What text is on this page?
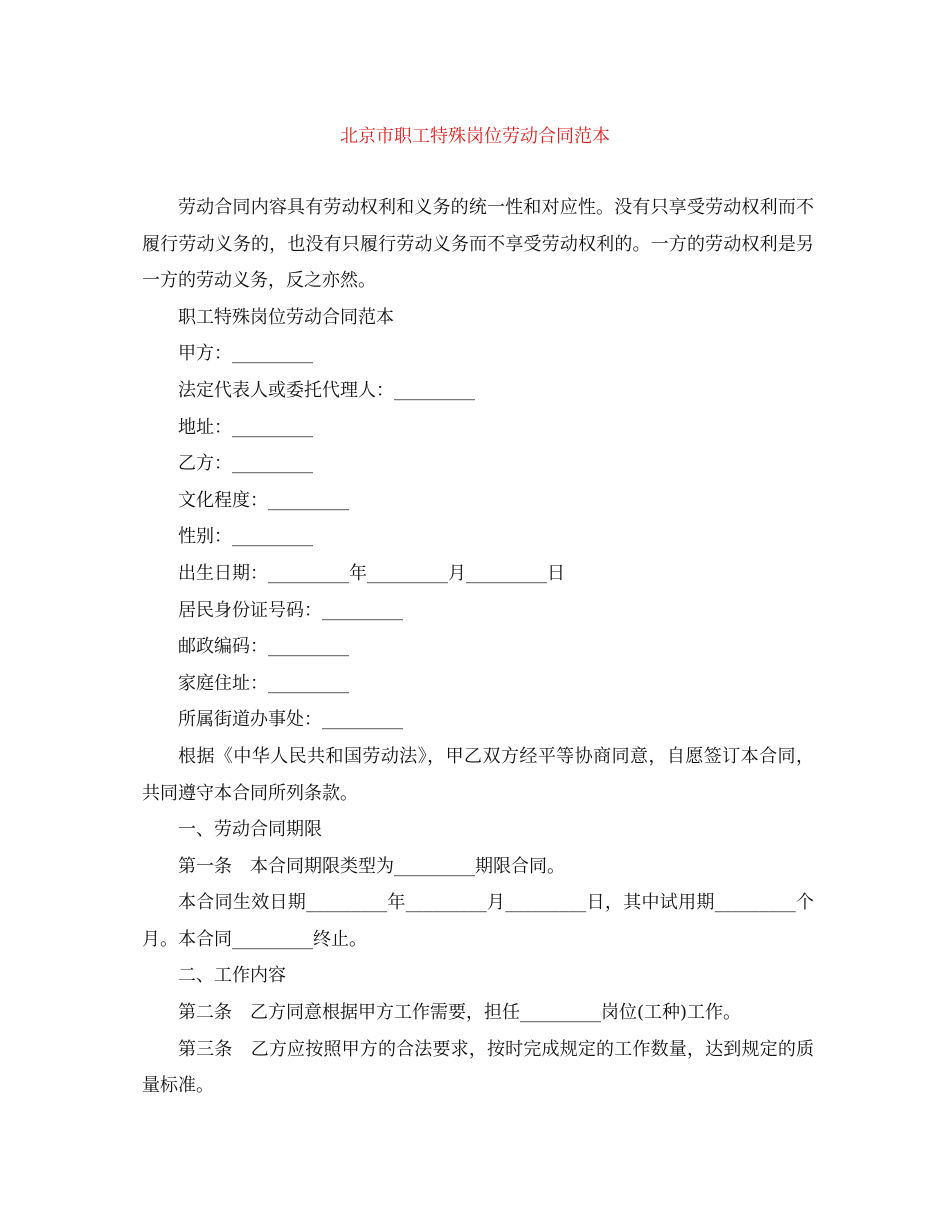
北京市职工特殊岗位劳动合同范本

劳动合同内容具有劳动权利和义务的统一性和对应性。没有只享受劳动权利而不履行劳动义务的，也没有只履行劳动义务而不享受劳动权利的。一方的劳动权利是另一方的劳动义务，反之亦然。

职工特殊岗位劳动合同范本

甲方：_________

法定代表人或委托代理人：_________

地址：_________

乙方：_________

文化程度：_________

性别：_________

出生日期：_________年_________月_________日

居民身份证号码：_________

邮政编码：_________

家庭住址：_________

所属街道办事处：_________

根据《中华人民共和国劳动法》，甲乙双方经平等协商同意，自愿签订本合同，共同遵守本合同所列条款。

一、劳动合同期限

第一条　本合同期限类型为_________期限合同。

本合同生效日期_________年_________月_________日，其中试用期_________个月。本合同_________终止。

二、工作内容

第二条　乙方同意根据甲方工作需要，担任_________岗位(工种)工作。

第三条　乙方应按照甲方的合法要求，按时完成规定的工作数量，达到规定的质量标准。
